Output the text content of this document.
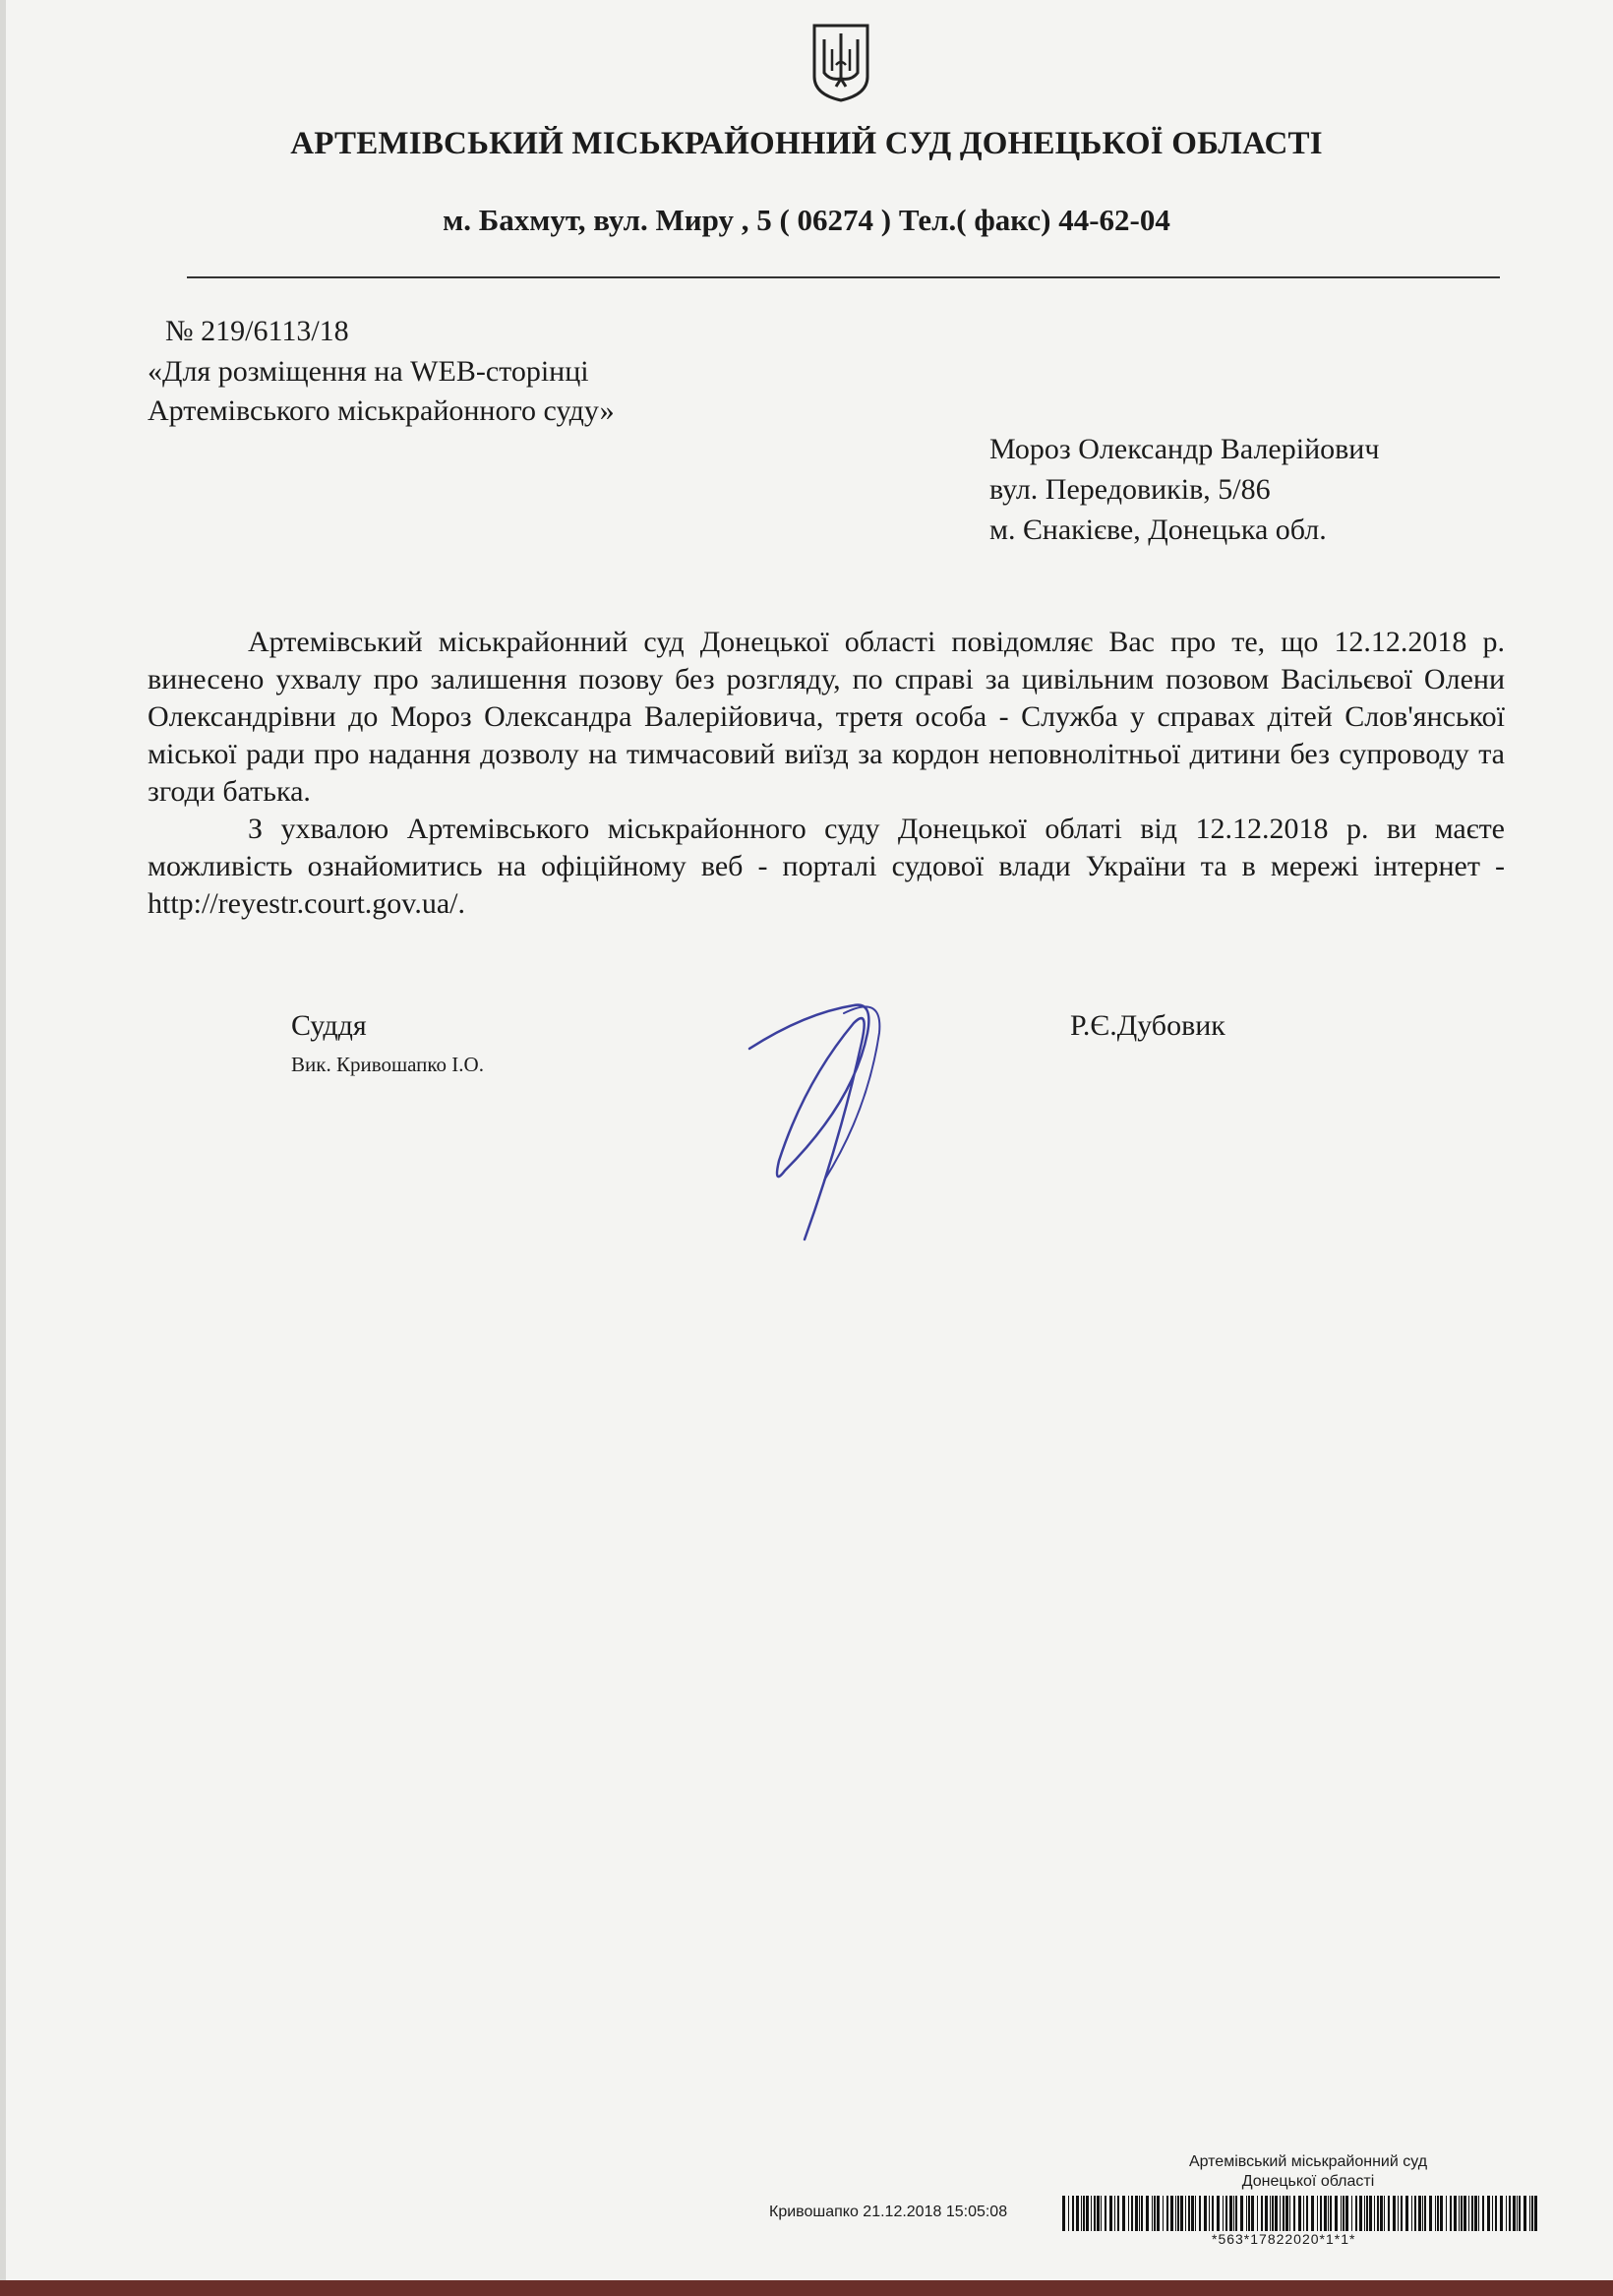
АРТЕМІВСЬКИЙ МІСЬКРАЙОННИЙ СУД ДОНЕЦЬКОЇ ОБЛАСТІ
м. Бахмут, вул. Миру , 5 ( 06274 ) Тел.( факс) 44-62-04
№ 219/6113/18
«Для розміщення на WEB-сторінці
Артемівського міськрайонного суду»
Мороз Олександр Валерійович
вул. Передовиків, 5/86
м. Єнакієве, Донецька обл.

Артемівський міськрайонний суд Донецької області повідомляє Вас про те, що 12.12.2018 р. винесено ухвалу про залишення позову без розгляду, по справі за цивільним позовом Васільєвої Олени Олександрівни до Мороз Олександра Валерійовича, третя особа - Служба у справах дітей Слов'янської міської ради про надання дозволу на тимчасовий виїзд за кордон неповнолітньої дитини без супроводу та згоди батька.

З ухвалою Артемівського міськрайонного суду Донецької облаті від 12.12.2018 р. ви маєте можливість ознайомитись на офіційному веб - порталі судової влади України та в мережі інтернет - http://reyestr.court.gov.ua/.

Суддя
Вик. Кривошапко І.О.
Р.Є.Дубовик
Артемівський міськрайонний суд
Донецької області
Кривошапко 21.12.2018 15:05:08
*563*17822020*1*1*
